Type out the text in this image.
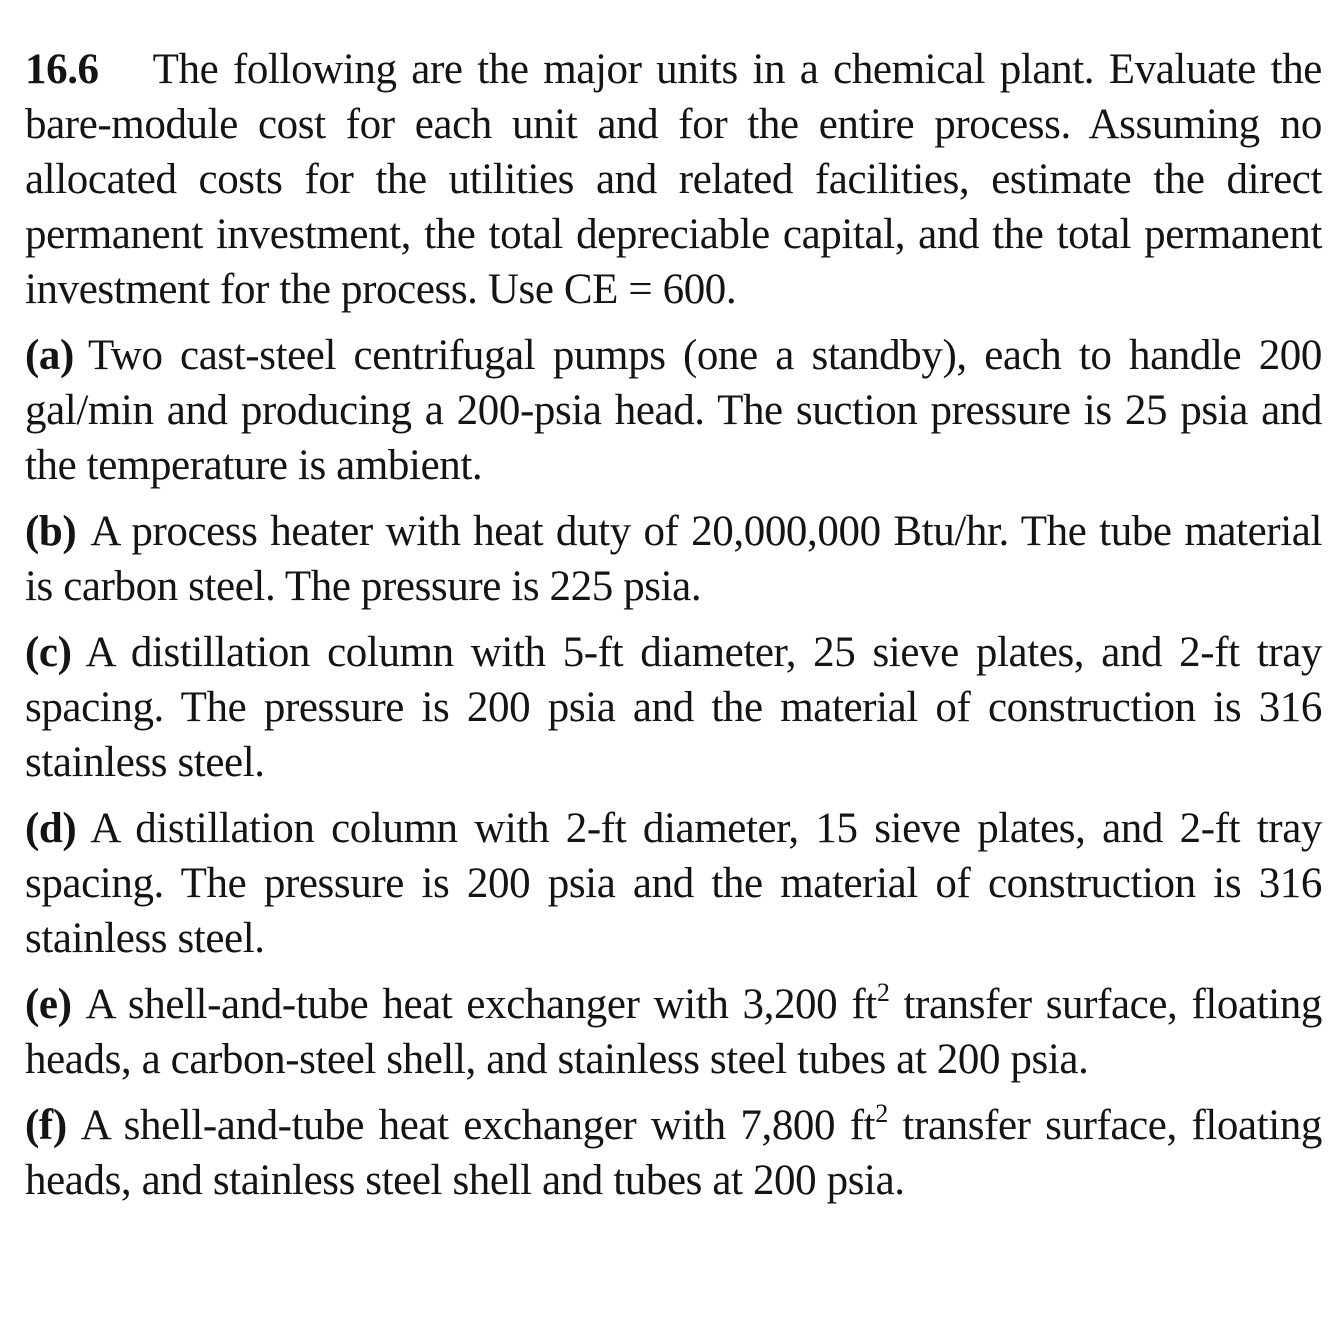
16.6 The following are the major units in a chemical plant. Evaluate the bare-module cost for each unit and for the entire process. Assuming no allocated costs for the utilities and related facilities, estimate the direct permanent investment, the total depreciable capital, and the total permanent investment for the process. Use CE = 600.

(a) Two cast-steel centrifugal pumps (one a standby), each to handle 200 gal/min and producing a 200-psia head. The suction pressure is 25 psia and the temperature is ambient.

(b) A process heater with heat duty of 20,000,000 Btu/hr. The tube material is carbon steel. The pressure is 225 psia.

(c) A distillation column with 5-ft diameter, 25 sieve plates, and 2-ft tray spacing. The pressure is 200 psia and the material of construction is 316 stainless steel.

(d) A distillation column with 2-ft diameter, 15 sieve plates, and 2-ft tray spacing. The pressure is 200 psia and the material of construction is 316 stainless steel.

(e) A shell-and-tube heat exchanger with 3,200 $ft^2$ transfer surface, floating heads, a carbon-steel shell, and stainless steel tubes at 200 psia.

(f) A shell-and-tube heat exchanger with 7,800 $ft^2$ transfer surface, floating heads, and stainless steel shell and tubes at 200 psia.
